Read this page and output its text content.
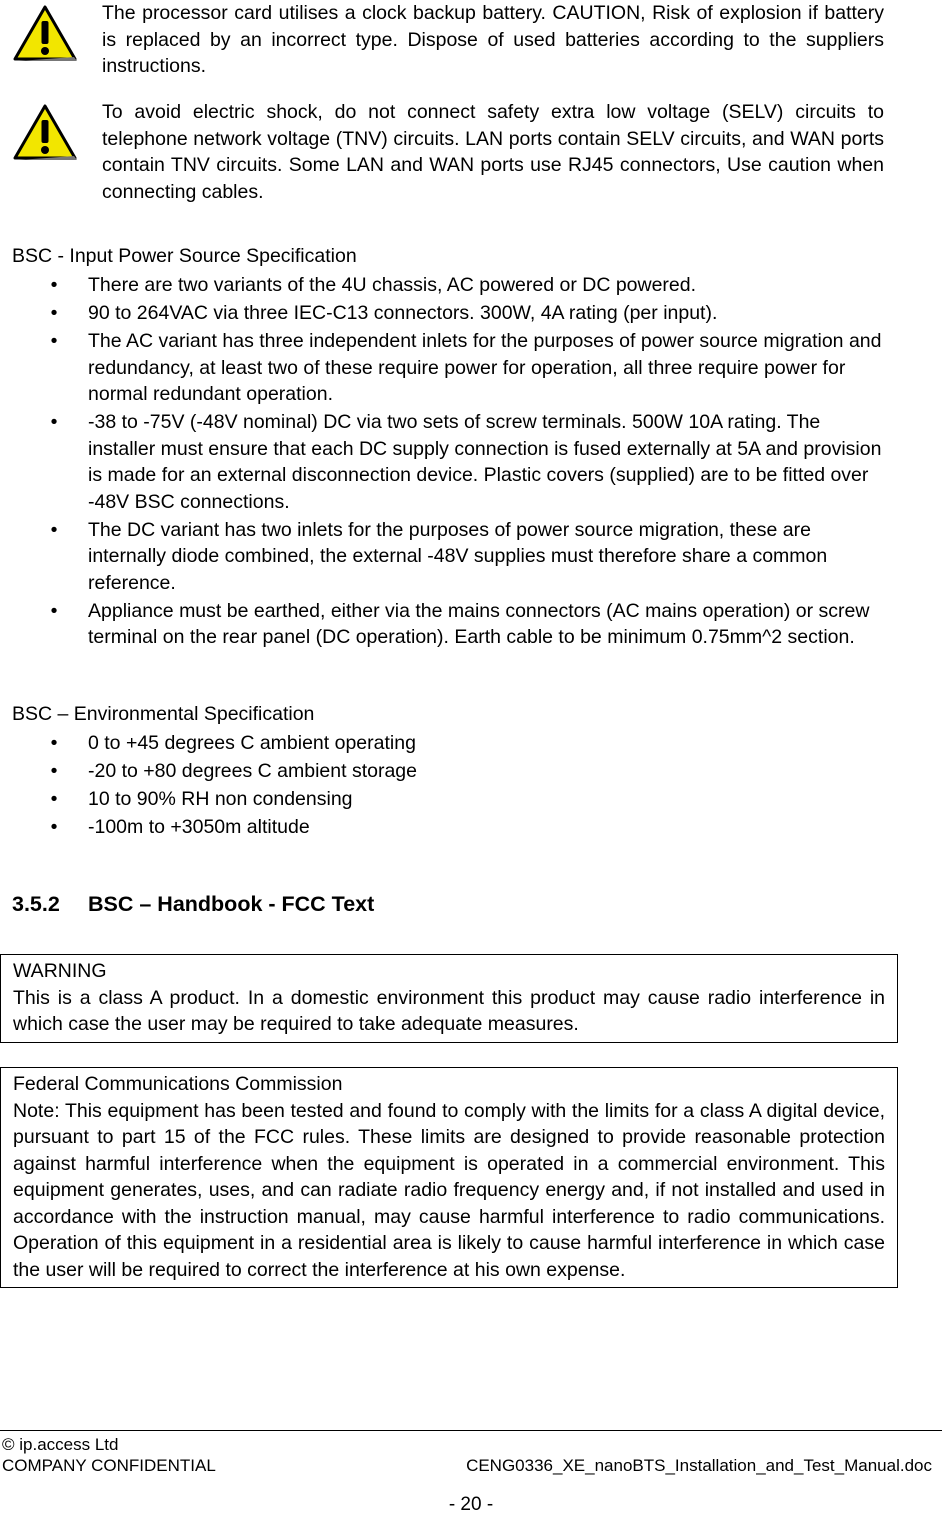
The processor card utilises a clock backup battery. CAUTION, Risk of explosion if battery is replaced by an incorrect type. Dispose of used batteries according to the suppliers instructions.
To avoid electric shock, do not connect safety extra low voltage (SELV) circuits to telephone network voltage (TNV) circuits. LAN ports contain SELV circuits, and WAN ports contain TNV circuits. Some LAN and WAN ports use RJ45 connectors, Use caution when connecting cables.
BSC - Input Power Source Specification
• There are two variants of the 4U chassis, AC powered or DC powered.
• 90 to 264VAC via three IEC-C13 connectors. 300W, 4A rating (per input).
• The AC variant has three independent inlets for the purposes of power source migration and redundancy, at least two of these require power for operation, all three require power for normal redundant operation.
• -38 to -75V (-48V nominal) DC via two sets of screw terminals. 500W 10A rating. The installer must ensure that each DC supply connection is fused externally at 5A and provision is made for an external disconnection device. Plastic covers (supplied) are to be fitted over -48V BSC connections.
• The DC variant has two inlets for the purposes of power source migration, these are internally diode combined, the external -48V supplies must therefore share a common reference.
• Appliance must be earthed, either via the mains connectors (AC mains operation) or screw terminal on the rear panel (DC operation). Earth cable to be minimum 0.75mm^2 section.
BSC – Environmental Specification
• 0 to +45 degrees C ambient operating
• -20 to +80 degrees C ambient storage
• 10 to 90% RH non condensing
• -100m to +3050m altitude
3.5.2 BSC – Handbook - FCC Text
WARNING
This is a class A product. In a domestic environment this product may cause radio interference in which case the user may be required to take adequate measures.
Federal Communications Commission
Note: This equipment has been tested and found to comply with the limits for a class A digital device, pursuant to part 15 of the FCC rules. These limits are designed to provide reasonable protection against harmful interference when the equipment is operated in a commercial environment. This equipment generates, uses, and can radiate radio frequency energy and, if not installed and used in accordance with the instruction manual, may cause harmful interference to radio communications. Operation of this equipment in a residential area is likely to cause harmful interference in which case the user will be required to correct the interference at his own expense.
© ip.access Ltd
COMPANY CONFIDENTIAL	CENG0336_XE_nanoBTS_Installation_and_Test_Manual.doc
- 20 -
